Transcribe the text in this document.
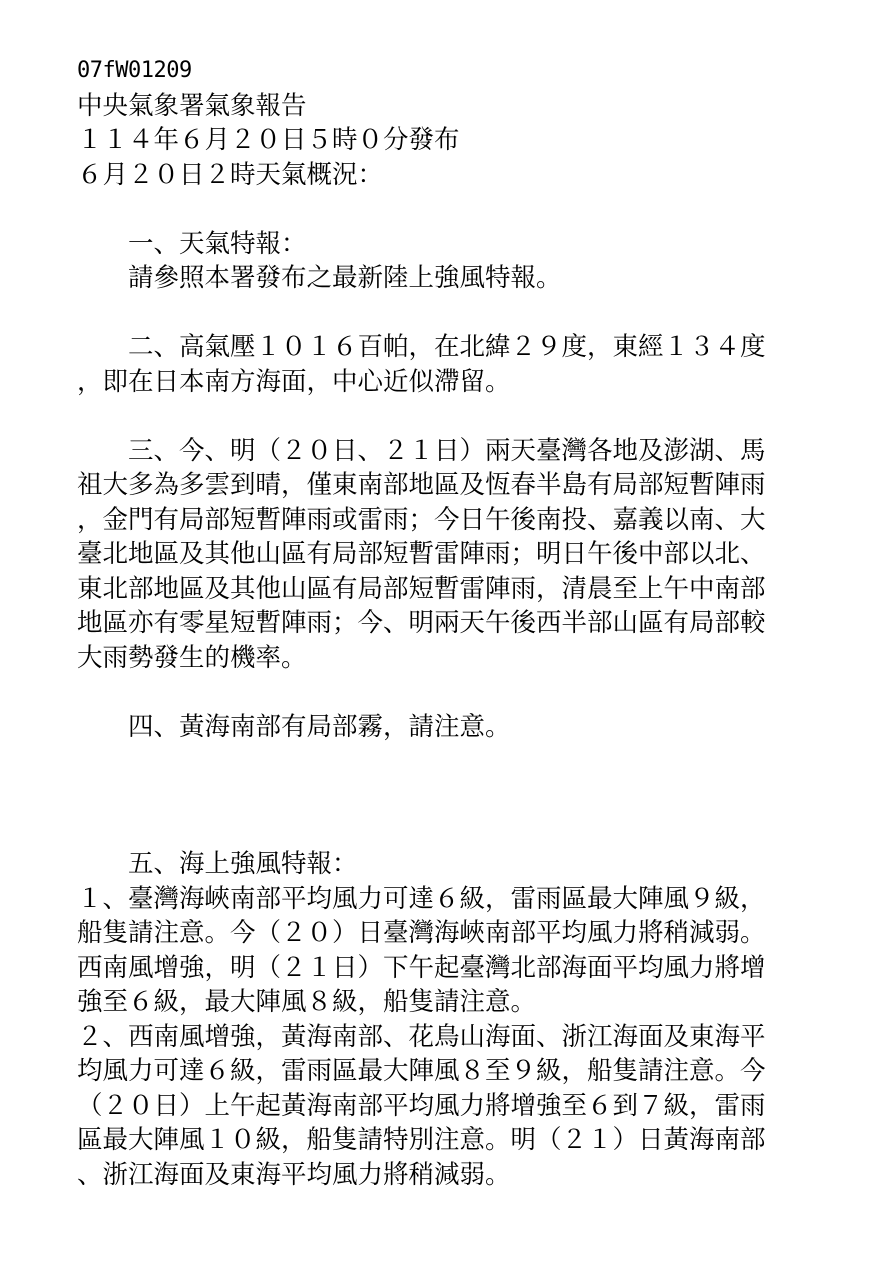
07fW01209
中央氣象署氣象報告
１１４年６月２０日５時０分發布
６月２０日２時天氣概況：
　　一、天氣特報：
　　請參照本署發布之最新陸上強風特報。
　　二、高氣壓１０１６百帕，在北緯２９度，東經１３４度
，即在日本南方海面，中心近似滯留。
　　三、今、明（２０日、２１日）兩天臺灣各地及澎湖、馬
祖大多為多雲到晴，僅東南部地區及恆春半島有局部短暫陣雨
，金門有局部短暫陣雨或雷雨；今日午後南投、嘉義以南、大
臺北地區及其他山區有局部短暫雷陣雨；明日午後中部以北、
東北部地區及其他山區有局部短暫雷陣雨，清晨至上午中南部
地區亦有零星短暫陣雨；今、明兩天午後西半部山區有局部較
大雨勢發生的機率。
　　四、黃海南部有局部霧，請注意。
　　五、海上強風特報：
１、臺灣海峽南部平均風力可達６級，雷雨區最大陣風９級，
船隻請注意。今（２０）日臺灣海峽南部平均風力將稍減弱。
西南風增強，明（２１日）下午起臺灣北部海面平均風力將增
強至６級，最大陣風８級，船隻請注意。
２、西南風增強，黃海南部、花鳥山海面、浙江海面及東海平
均風力可達６級，雷雨區最大陣風８至９級，船隻請注意。今
（２０日）上午起黃海南部平均風力將增強至６到７級，雷雨
區最大陣風１０級，船隻請特別注意。明（２１）日黃海南部
、浙江海面及東海平均風力將稍減弱。
